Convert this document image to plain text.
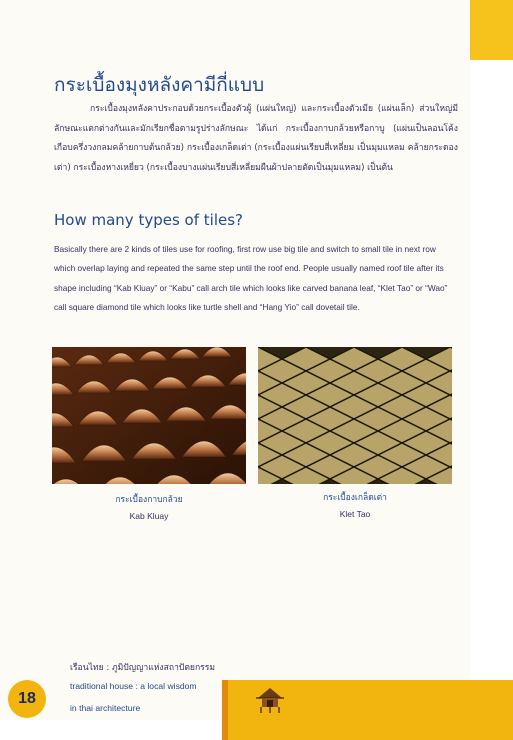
กระเบื้องมุงหลังคามีกี่แบบ

กระเบื้องมุงหลังคาประกอบด้วยกระเบื้องตัวผู้ (แผ่นใหญ่) และกระเบื้องตัวเมีย (แผ่นเล็ก) ส่วนใหญ่มีลักษณะแตกต่างกันและมักเรียกชื่อตามรูปร่างลักษณะ ได้แก่ กระเบื้องกาบกล้วยหรือกาบู (แผ่นเป็นลอนโค้งเกือบครึ่งวงกลมคล้ายกาบต้นกล้วย) กระเบื้องเกล็ดเต่า (กระเบื้องแผ่นเรียบสี่เหลี่ยม เป็นมุมแหลม คล้ายกระดองเต่า) กระเบื้องหางเหยี่ยว (กระเบื้องบางแผ่นเรียบสี่เหลี่ยมผืนผ้าปลายตัดเป็นมุมแหลม) เป็นต้น

How many types of tiles?

Basically there are 2 kinds of tiles use for roofing, first row use big tile and switch to small tile in next row which overlap laying and repeated the same step until the roof end. People usually named roof tile after its shape including “Kab Kluay” or “Kabu” call arch tile which looks like carved banana leaf, “Klet Tao” or “Wao” call square diamond tile which looks like turtle shell and “Hang Yio” call dovetail tile.

กระเบื้องกาบกล้วย

Kab Kluay

กระเบื้องเกล็ดเต่า

Klet Tao

18

เรือนไทย : ภูมิปัญญาแห่งสถาปัตยกรรม

traditional house : a local wisdom

in thai architecture
